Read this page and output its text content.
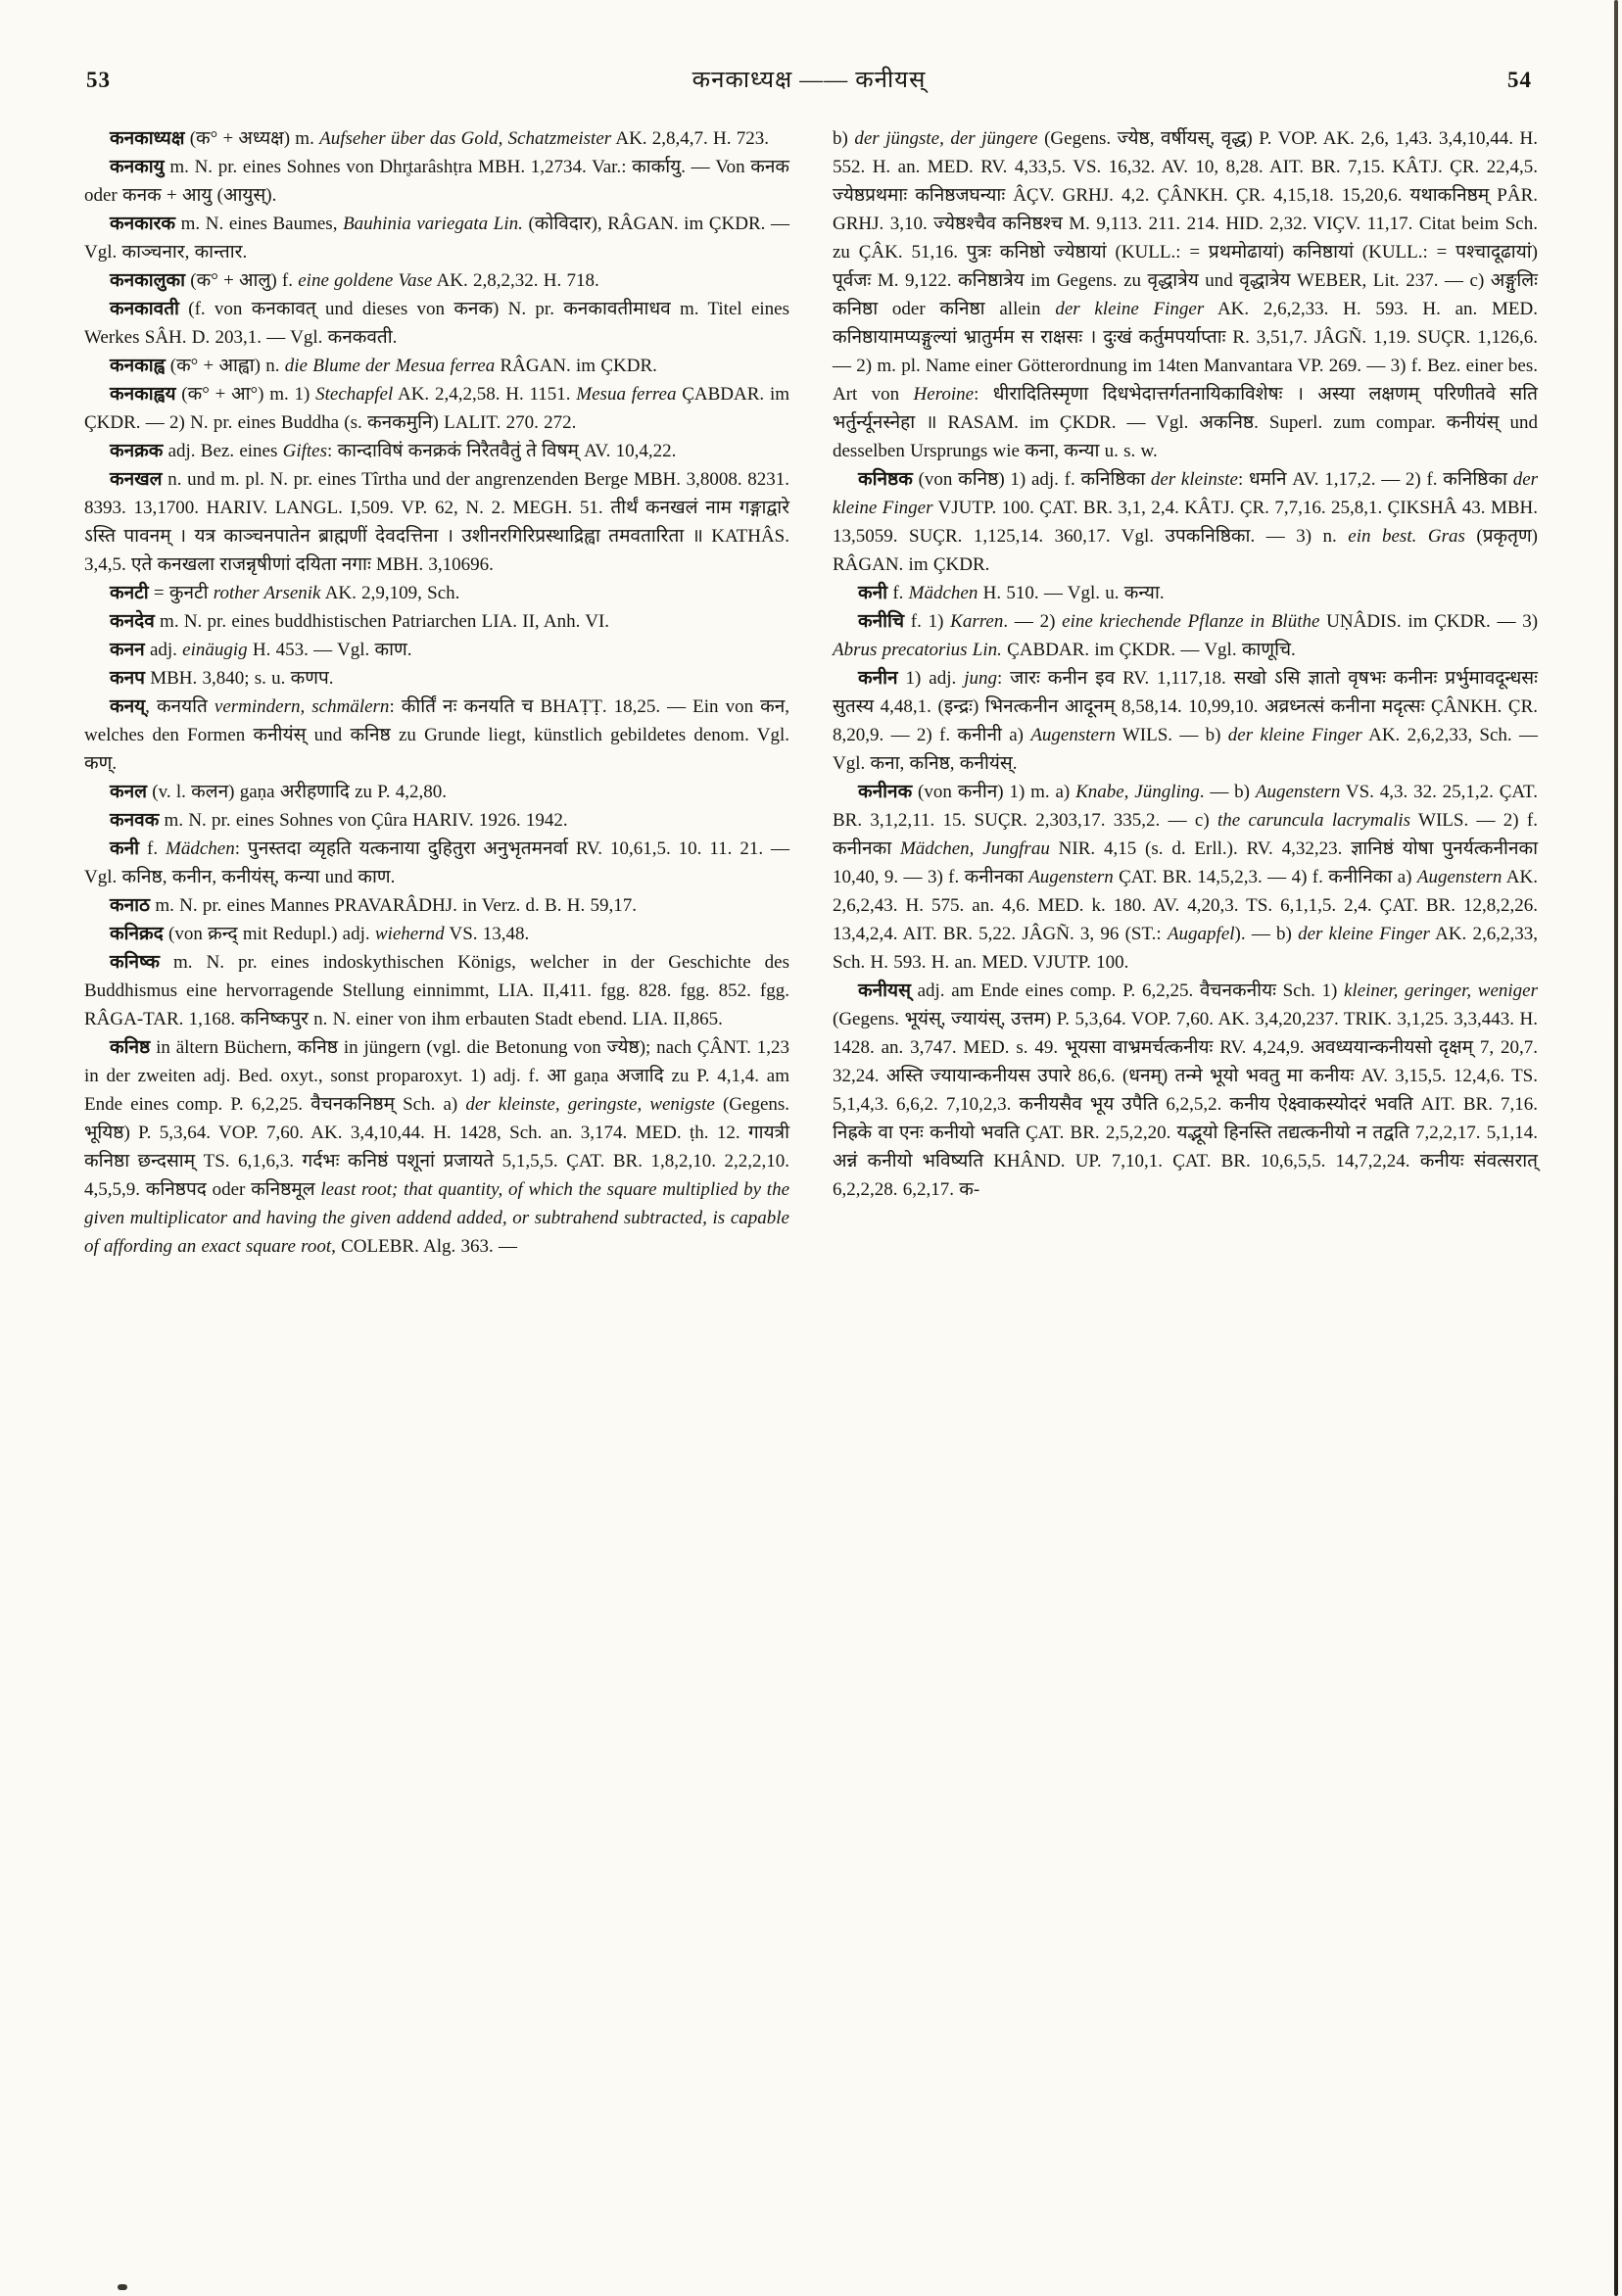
53	कनकाध्यक्ष —— कनीयस्	54

कनकाध्यक्ष (क° + अध्यक्ष) m. Aufseher über das Gold, Schatzmeister AK. 2,8,4,7. H. 723.

कनकायु m. N. pr. eines Sohnes von Dhr̥tarâshṭra MBH. 1,2734. Var.: कार्कायु. — Von कनक oder कनक + आयु (आयुस्).

कनकारक m. N. eines Baumes, Bauhinia variegata Lin. (कोविदार), RÂGAN. im ÇKDR. — Vgl. काञ्चनार, कान्तार.

कनकालुका (क° + आलु) f. eine goldene Vase AK. 2,8,2,32. H. 718.

कनकावती (f. von कनकावत् und dieses von कनक) N. pr. कनकावतीमाधव m. Titel eines Werkes SÂH. D. 203,1. — Vgl. कनकवती.

कनकाह्व (क° + आह्वा) n. die Blume der Mesua ferrea RÂGAN. im ÇKDR.

कनकाह्वय (क° + आ°) m. 1) Stechapfel AK. 2,4,2,58. H. 1151. Mesua ferrea ÇABDAR. im ÇKDR. — 2) N. pr. eines Buddha (s. कनकमुनि) LALIT. 270. 272.

कनक्रक adj. Bez. eines Giftes: कान्दाविषं कनक्रकं निरैतवैतुं ते विषम् AV. 10,4,22.

कनखल n. und m. pl. N. pr. eines Tîrtha und der angrenzenden Berge MBH. 3,8008. 8231. 8393. 13,1700. HARIV. LANGL. I,509. VP. 62, N. 2. MEGH. 51. तीर्थं कनखलं नाम गङ्गाद्वारे ऽस्ति पावनम् । यत्र काञ्चनपातेन ब्राह्मणीं देवदत्तिना । उशीनरगिरिप्रस्थाद्रिह्वा तमवतारिता ॥ KATHÂS. 3,4,5. एते कनखला राजन्नृषीणां दयिता नगाः MBH. 3,10696.

कनटी = कुनटी rother Arsenik AK. 2,9,109, Sch.

कनदेव m. N. pr. eines buddhistischen Patriarchen LIA. II, Anh. VI.

कनन adj. einäugig H. 453. — Vgl. काण.

कनप MBH. 3,840; s. u. कणप.

कनय्, कनयति vermindern, schmälern: कीर्तिं नः कनयति च BHAṬṬ. 18,25. — Ein von कन, welches den Formen कनीयंस् und कनिष्ठ zu Grunde liegt, künstlich gebildetes denom. Vgl. कण्.

कनल (v. l. कलन) gaṇa अरीहणादि zu P. 4,2,80.

कनवक m. N. pr. eines Sohnes von Çûra HARIV. 1926. 1942.

कनी f. Mädchen: पुनस्तदा व्यृहति यत्कनाया दुहितुरा अनुभृतमनर्वा RV. 10,61,5. 10. 11. 21. — Vgl. कनिष्ठ, कनीन, कनीयंस्, कन्या und काण.

कनाठ m. N. pr. eines Mannes PRAVARÂDHJ. in Verz. d. B. H. 59,17.

कनिक्रद (von क्रन्द् mit Redupl.) adj. wiehernd VS. 13,48.

कनिष्क m. N. pr. eines indoskythischen Königs, welcher in der Geschichte des Buddhismus eine hervorragende Stellung einnimmt, LIA. II,411. fgg. 828. fgg. 852. fgg. RÂGA-TAR. 1,168. कनिष्कपुर n. N. einer von ihm erbauten Stadt ebend. LIA. II,865.

कनिष्ठ in ältern Büchern, कनिष्ठ in jüngern (vgl. die Betonung von ज्येष्ठ); nach ÇÂNT. 1,23 in der zweiten adj. Bed. oxyt., sonst proparoxyt. 1) adj. f. आ gaṇa अजादि zu P. 4,1,4. am Ende eines comp. P. 6,2,25. वैचनकनिष्ठम् Sch. a) der kleinste, geringste, wenigste (Gegens. भूयिष्ठ) P. 5,3,64. VOP. 7,60. AK. 3,4,10,44. H. 1428, Sch. an. 3,174. MED. ṭh. 12. गायत्री कनिष्ठा छन्दसाम् TS. 6,1,6,3. गर्दभः कनिष्ठं पशूनां प्रजायते 5,1,5,5. ÇAT. BR. 1,8,2,10. 2,2,2,10. 4,5,5,9. कनिष्ठपद oder कनिष्ठमूल least root; that quantity, of which the square multiplied by the given multiplicator and having the given addend added, or subtrahend subtracted, is capable of affording an exact square root, COLEBR. Alg. 363. —

b) der jüngste, der jüngere (Gegens. ज्येष्ठ, वर्षीयस्, वृद्ध) P. VOP. AK. 2,6, 1,43. 3,4,10,44. H. 552. H. an. MED. RV. 4,33,5. VS. 16,32. AV. 10, 8,28. AIT. BR. 7,15. KÂTJ. ÇR. 22,4,5. ज्येष्ठप्रथमाः कनिष्ठजघन्याः ÂÇV. GRHJ. 4,2. ÇÂNKH. ÇR. 4,15,18. 15,20,6. यथाकनिष्ठम् PÂR. GRHJ. 3,10. ज्येष्ठश्चैव कनिष्ठश्च M. 9,113. 211. 214. HID. 2,32. VIÇV. 11,17. Citat beim Sch. zu ÇÂK. 51,16. पुत्रः कनिष्ठो ज्येष्ठायां (KULL.: = प्रथमोढायां) कनिष्ठायां (KULL.: = पश्चादूढायां) पूर्वजः M. 9,122. कनिष्ठात्रेय im Gegens. zu वृद्धात्रेय und वृद्धात्रेय WEBER, Lit. 237. — c) अङ्गुलिः कनिष्ठा oder कनिष्ठा allein der kleine Finger AK. 2,6,2,33. H. 593. H. an. MED. कनिष्ठायामप्यङ्गुल्यां भ्रातुर्मम स राक्षसः । दुःखं कर्तुमपर्याप्ताः R. 3,51,7. JÂGÑ. 1,19. SUÇR. 1,126,6. — 2) m. pl. Name einer Götterordnung im 14ten Manvantara VP. 269. — 3) f. Bez. einer bes. Art von Heroine: धीरादितिस्मृणा दिधभेदात्तर्गतनायिकाविशेषः । अस्या लक्षणम् परिणीतवे सति भर्तुर्न्यूनस्नेहा ॥ RASAM. im ÇKDR. — Vgl. अकनिष्ठ. Superl. zum compar. कनीयंस् und desselben Ursprungs wie कना, कन्या u. s. w.

कनिष्ठक (von कनिष्ठ) 1) adj. f. कनिष्ठिका der kleinste: धमनि AV. 1,17,2. — 2) f. कनिष्ठिका der kleine Finger VJUTP. 100. ÇAT. BR. 3,1, 2,4. KÂTJ. ÇR. 7,7,16. 25,8,1. ÇIKSHÂ 43. MBH. 13,5059. SUÇR. 1,125,14. 360,17. Vgl. उपकनिष्ठिका. — 3) n. ein best. Gras (प्रकृतृण) RÂGAN. im ÇKDR.

कनी f. Mädchen H. 510. — Vgl. u. कन्या.

कनीचि f. 1) Karren. — 2) eine kriechende Pflanze in Blüthe UṆÂDIS. im ÇKDR. — 3) Abrus precatorius Lin. ÇABDAR. im ÇKDR. — Vgl. काणूचि.

कनीन 1) adj. jung: जारः कनीन इव RV. 1,117,18. सखो ऽसि ज्ञातो वृषभः कनीनः प्रर्भुमावदून्धसः सुतस्य 4,48,1. (इन्द्रः) भिनत्कनीन आदूनम् 8,58,14. 10,99,10. अव्रध्नत्सं कनीना मदृत्सः ÇÂNKH. ÇR. 8,20,9. — 2) f. कनीनी a) Augenstern WILS. — b) der kleine Finger AK. 2,6,2,33, Sch. — Vgl. कना, कनिष्ठ, कनीयंस्.

कनीनक (von कनीन) 1) m. a) Knabe, Jüngling. — b) Augenstern VS. 4,3. 32. 25,1,2. ÇAT. BR. 3,1,2,11. 15. SUÇR. 2,303,17. 335,2. — c) the caruncula lacrymalis WILS. — 2) f. कनीनका Mädchen, Jungfrau NIR. 4,15 (s. d. Erll.). RV. 4,32,23. ज्ञानिष्ठं योषा पुनर्यत्कनीनका 10,40, 9. — 3) f. कनीनका Augenstern ÇAT. BR. 14,5,2,3. — 4) f. कनीनिका a) Augenstern AK. 2,6,2,43. H. 575. an. 4,6. MED. k. 180. AV. 4,20,3. TS. 6,1,1,5. 2,4. ÇAT. BR. 12,8,2,26. 13,4,2,4. AIT. BR. 5,22. JÂGÑ. 3, 96 (ST.: Augapfel). — b) der kleine Finger AK. 2,6,2,33, Sch. H. 593. H. an. MED. VJUTP. 100.

कनीयस् adj. am Ende eines comp. P. 6,2,25. वैचनकनीयः Sch. 1) kleiner, geringer, weniger (Gegens. भूयंस्, ज्यायंस्, उत्तम) P. 5,3,64. VOP. 7,60. AK. 3,4,20,237. TRIK. 3,1,25. 3,3,443. H. 1428. an. 3,747. MED. s. 49. भूयसा वाभ्रमर्चत्कनीयः RV. 4,24,9. अवध्ययान्कनीयसो दृक्षम् 7, 20,7. 32,24. अस्ति ज्यायान्कनीयस उपारे 86,6. (धनम्) तन्मे भूयो भवतु मा कनीयः AV. 3,15,5. 12,4,6. TS. 5,1,4,3. 6,6,2. 7,10,2,3. कनीयसैव भूय उपैति 6,2,5,2. कनीय ऐक्ष्वाकस्योदरं भवति AIT. BR. 7,16. निह्रके वा एनः कनीयो भवति ÇAT. BR. 2,5,2,20. यद्भूयो हिनस्ति तद्यत्कनीयो न तद्वति 7,2,2,17. 5,1,14. अन्नं कनीयो भविष्यति KHÂND. UP. 7,10,1. ÇAT. BR. 10,6,5,5. 14,7,2,24. कनीयः संवत्सरात् 6,2,2,28. 6,2,17. क-
